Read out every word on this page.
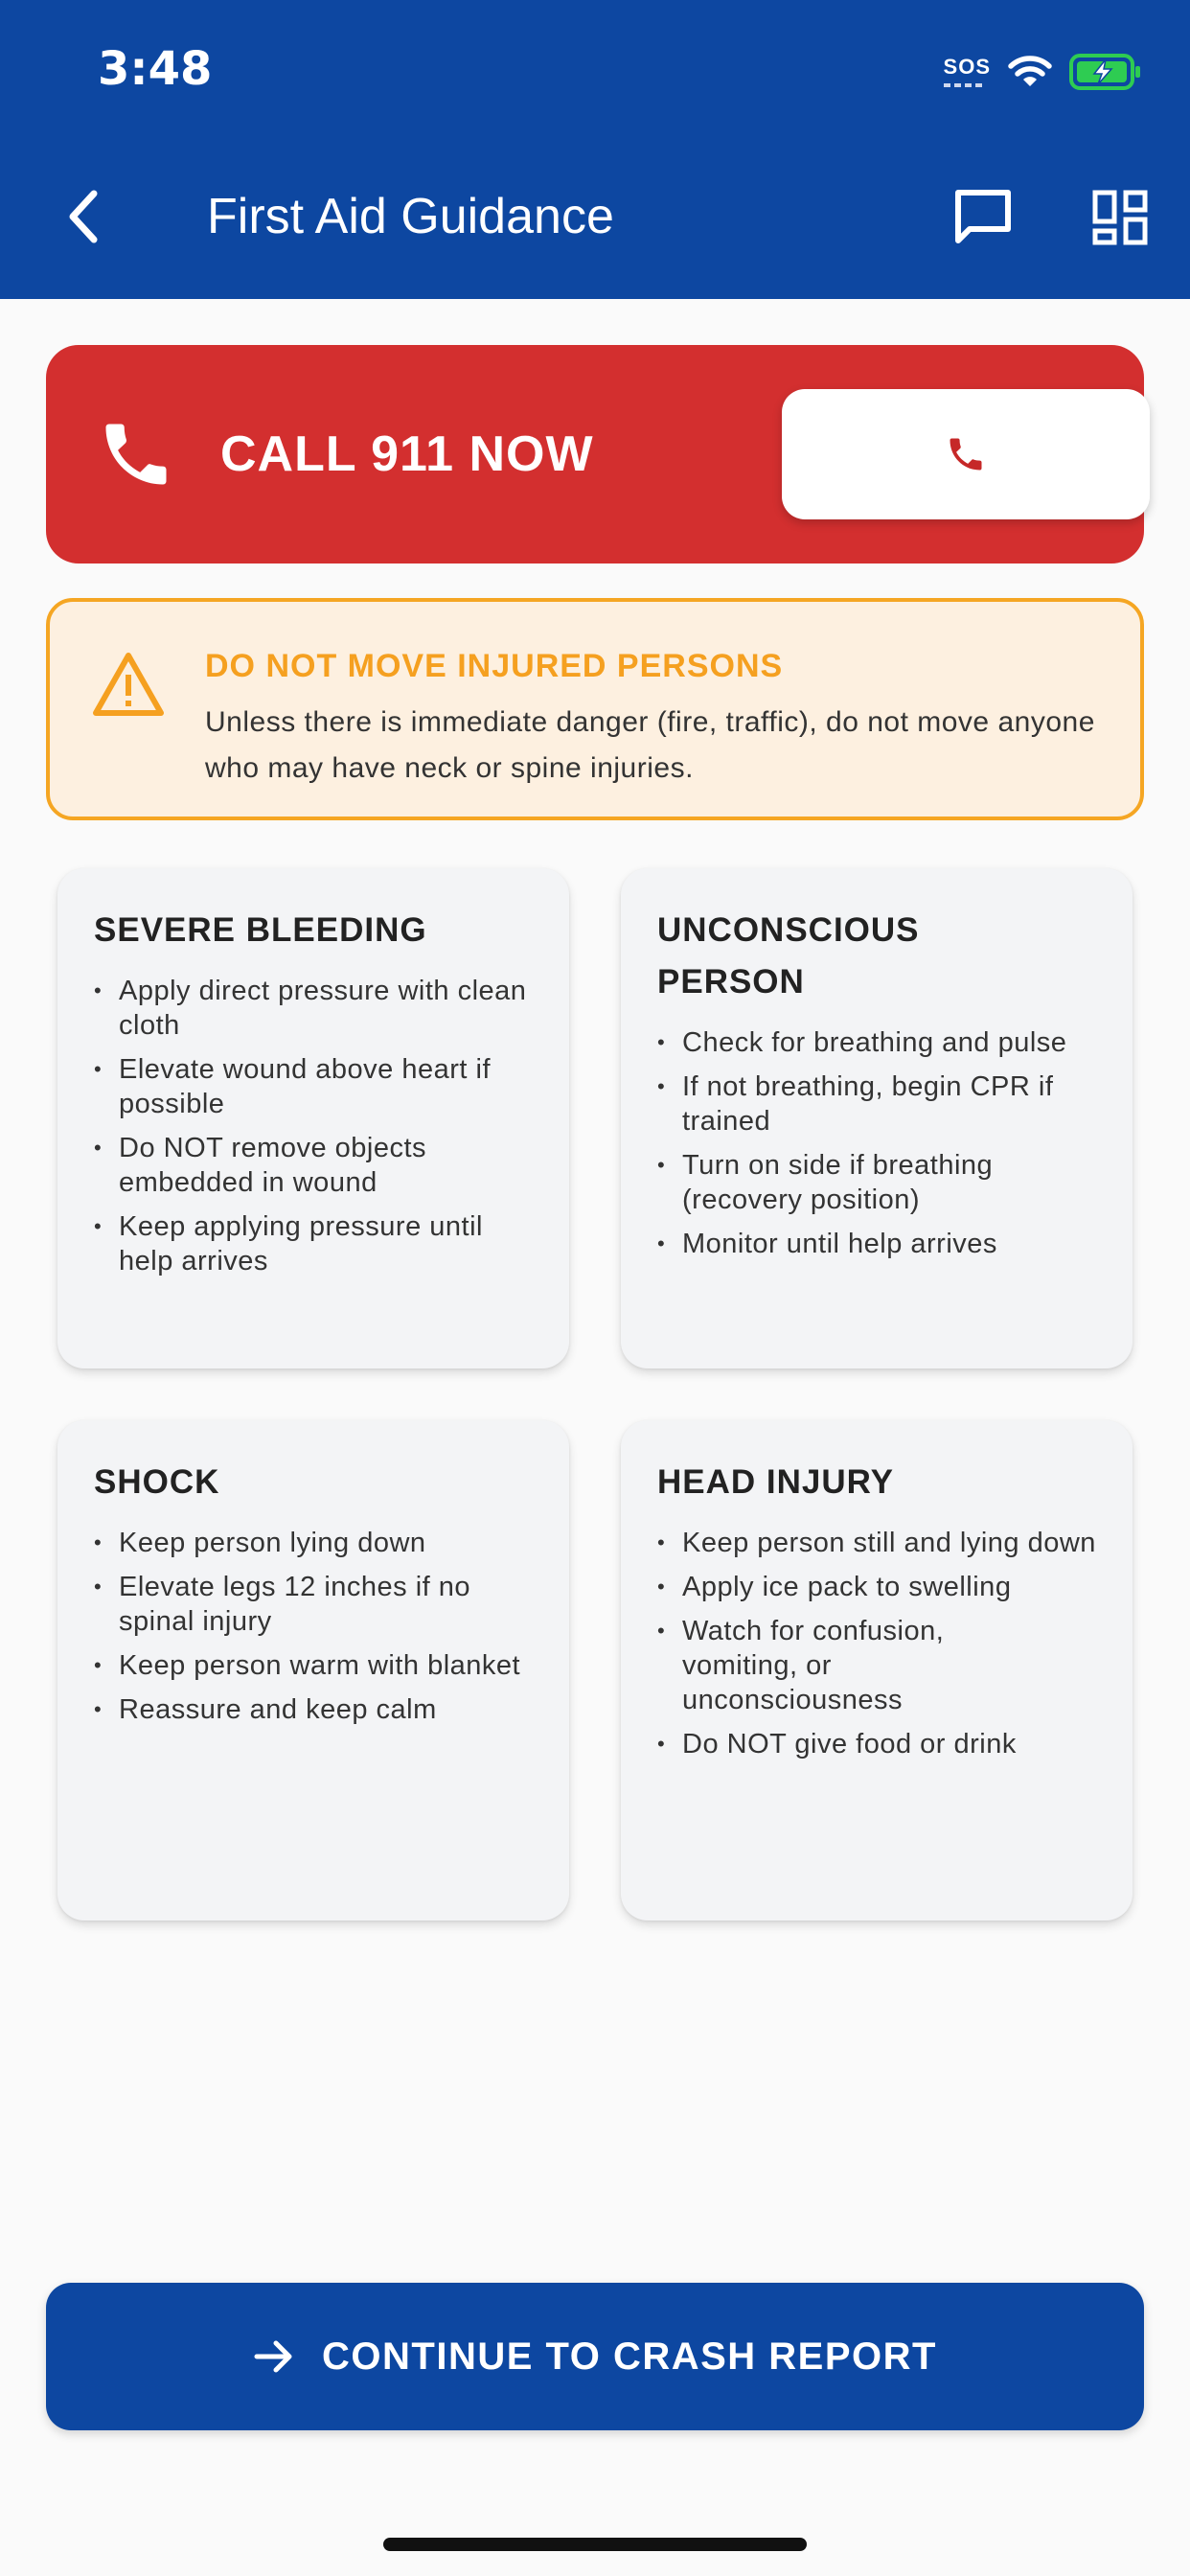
3:48	SOS
First Aid Guidance
CALL 911 NOW
DO NOT MOVE INJURED PERSONS
Unless there is immediate danger (fire, traffic), do not move anyone who may have neck or spine injuries.
SEVERE BLEEDING
• Apply direct pressure with clean cloth
• Elevate wound above heart if possible
• Do NOT remove objects embedded in wound
• Keep applying pressure until help arrives
UNCONSCIOUS PERSON
• Check for breathing and pulse
• If not breathing, begin CPR if trained
• Turn on side if breathing (recovery position)
• Monitor until help arrives
SHOCK
• Keep person lying down
• Elevate legs 12 inches if no spinal injury
• Keep person warm with blanket
• Reassure and keep calm
HEAD INJURY
• Keep person still and lying down
• Apply ice pack to swelling
• Watch for confusion, vomiting, or unconsciousness
• Do NOT give food or drink
CONTINUE TO CRASH REPORT
